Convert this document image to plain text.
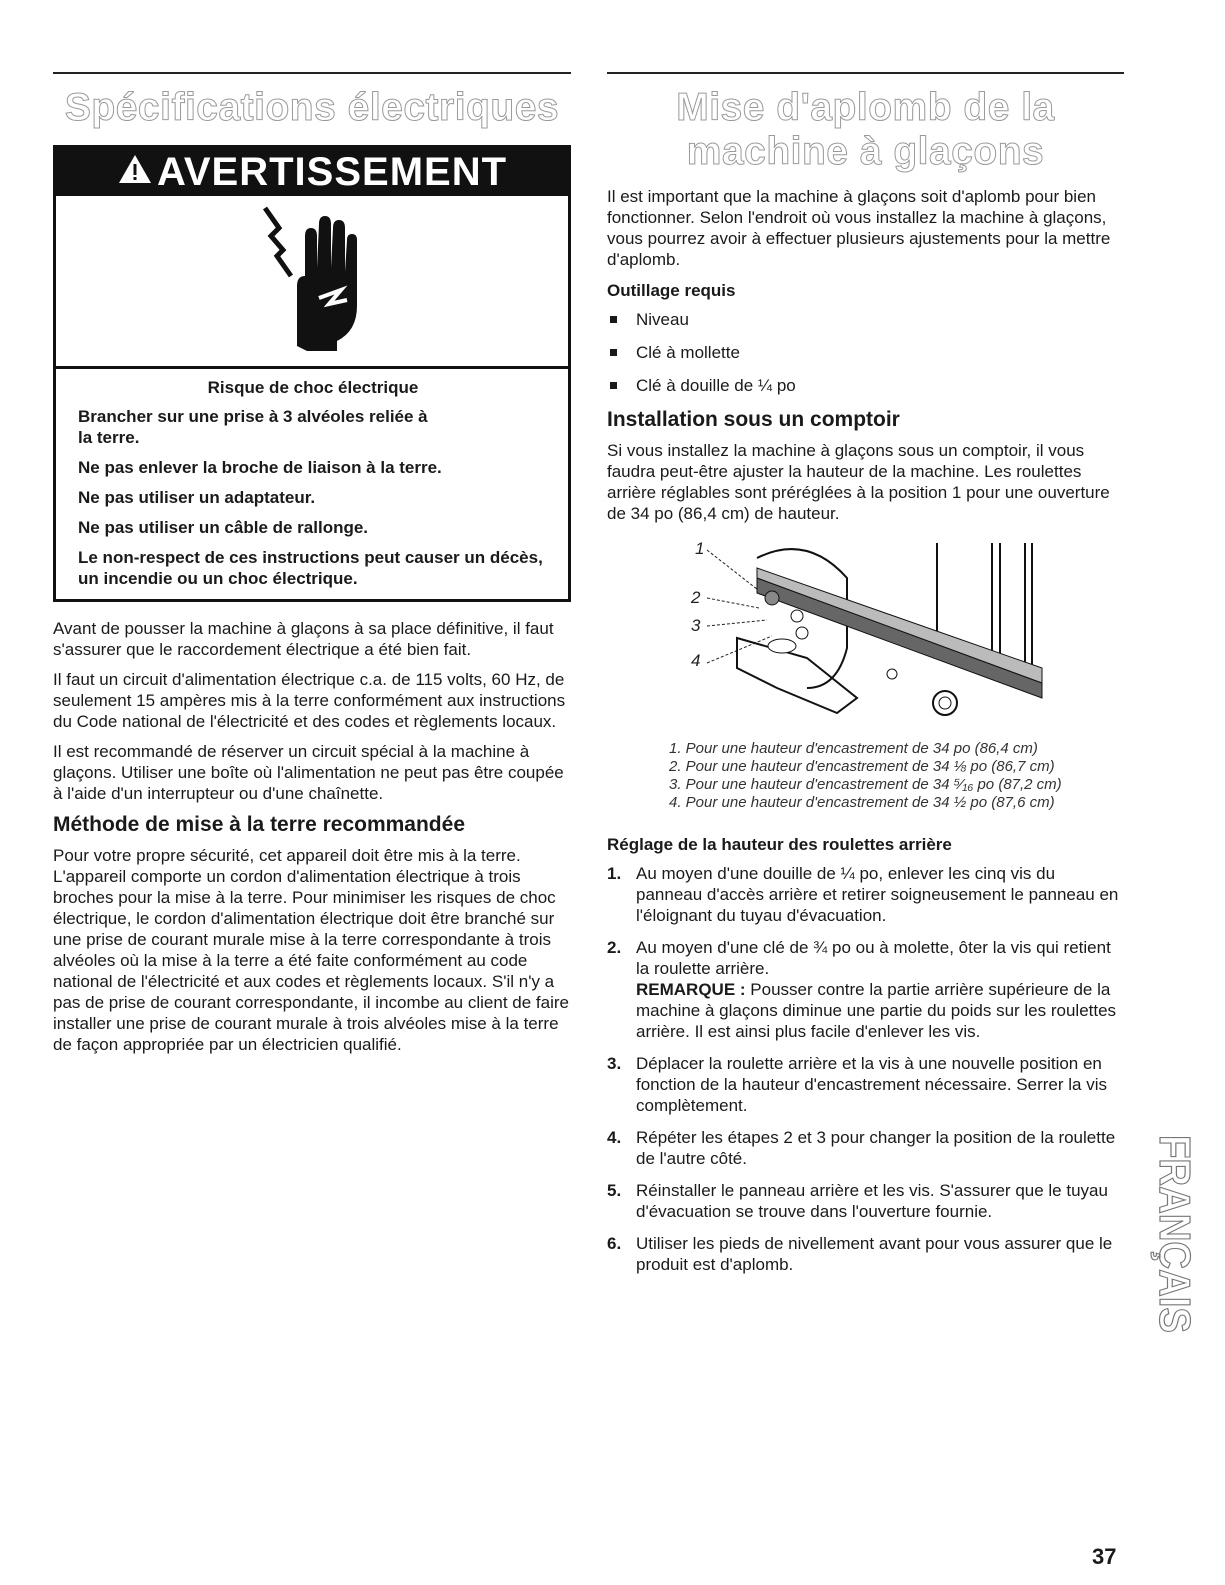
Spécifications électriques
AVERTISSEMENT
Risque de choc électrique

Brancher sur une prise à 3 alvéoles reliée à la terre.

Ne pas enlever la broche de liaison à la terre.

Ne pas utiliser un adaptateur.

Ne pas utiliser un câble de rallonge.

Le non-respect de ces instructions peut causer un décès, un incendie ou un choc électrique.

Avant de pousser la machine à glaçons à sa place définitive, il faut s'assurer que le raccordement électrique a été bien fait.

Il faut un circuit d'alimentation électrique c.a. de 115 volts, 60 Hz, de seulement 15 ampères mis à la terre conformément aux instructions du Code national de l'électricité et des codes et règlements locaux.

Il est recommandé de réserver un circuit spécial à la machine à glaçons. Utiliser une boîte où l'alimentation ne peut pas être coupée à l'aide d'un interrupteur ou d'une chaînette.

Méthode de mise à la terre recommandée

Pour votre propre sécurité, cet appareil doit être mis à la terre. L'appareil comporte un cordon d'alimentation électrique à trois broches pour la mise à la terre. Pour minimiser les risques de choc électrique, le cordon d'alimentation électrique doit être branché sur une prise de courant murale mise à la terre correspondante à trois alvéoles où la mise à la terre a été faite conformément au code national de l'électricité et aux codes et règlements locaux. S'il n'y a pas de prise de courant correspondante, il incombe au client de faire installer une prise de courant murale à trois alvéoles mise à la terre de façon appropriée par un électricien qualifié.

Mise d'aplomb de la machine à glaçons

Il est important que la machine à glaçons soit d'aplomb pour bien fonctionner. Selon l'endroit où vous installez la machine à glaçons, vous pourrez avoir à effectuer plusieurs ajustements pour la mettre d'aplomb.

Outillage requis
Niveau
Clé à mollette
Clé à douille de ¼ po
Installation sous un comptoir

Si vous installez la machine à glaçons sous un comptoir, il vous faudra peut-être ajuster la hauteur de la machine. Les roulettes arrière réglables sont préréglées à la position 1 pour une ouverture de 34 po (86,4 cm) de hauteur.

1
2
3
4
1. Pour une hauteur d'encastrement de 34 po (86,4 cm)
2. Pour une hauteur d'encastrement de 34 ⅛ po (86,7 cm)
3. Pour une hauteur d'encastrement de 34 ⁵⁄₁₆ po (87,2 cm)
4. Pour une hauteur d'encastrement de 34 ½ po (87,6 cm)
Réglage de la hauteur des roulettes arrière
1. Au moyen d'une douille de ¼ po, enlever les cinq vis du panneau d'accès arrière et retirer soigneusement le panneau en l'éloignant du tuyau d'évacuation.
2. Au moyen d'une clé de ¾ po ou à molette, ôter la vis qui retient la roulette arrière.

REMARQUE : Pousser contre la partie arrière supérieure de la machine à glaçons diminue une partie du poids sur les roulettes arrière. Il est ainsi plus facile d'enlever les vis.

3. Déplacer la roulette arrière et la vis à une nouvelle position en fonction de la hauteur d'encastrement nécessaire. Serrer la vis complètement.
4. Répéter les étapes 2 et 3 pour changer la position de la roulette de l'autre côté.
5. Réinstaller le panneau arrière et les vis. S'assurer que le tuyau d'évacuation se trouve dans l'ouverture fournie.
6. Utiliser les pieds de nivellement avant pour vous assurer que le produit est d'aplomb.	FRANÇAIS
37
